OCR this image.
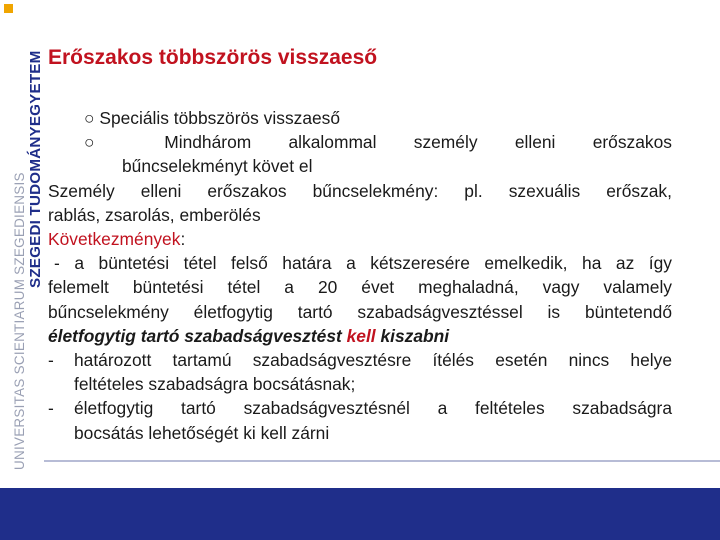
UNIVERSITAS SCIENTIARUM SZEGEDIENSIS
SZEGEDI TUDOMÁNYEGYETEM Erőszakos többszörös visszaeső
○ Speciális többszörös visszaeső
○ Mindhárom alkalommal személy elleni erőszakos
bűncselekményt követ el
Személy elleni erőszakos bűncselekmény: pl. szexuális erőszak,
rablás, zsarolás, emberölés
Következmények:
- a büntetési tétel felső határa a kétszeresére emelkedik, ha az így
felemelt büntetési tétel a 20 évet meghaladná, vagy valamely
bűncselekmény életfogytig tartó szabadságvesztéssel is büntetendő
életfogytig tartó szabadságvesztést kell kiszabni
- határozott tartamú szabadságvesztésre ítélés esetén nincs helye
feltételes szabadságra bocsátásnak;
- életfogytig tartó szabadságvesztésnél a feltételes szabadságra
bocsátás lehetőségét ki kell zárni
